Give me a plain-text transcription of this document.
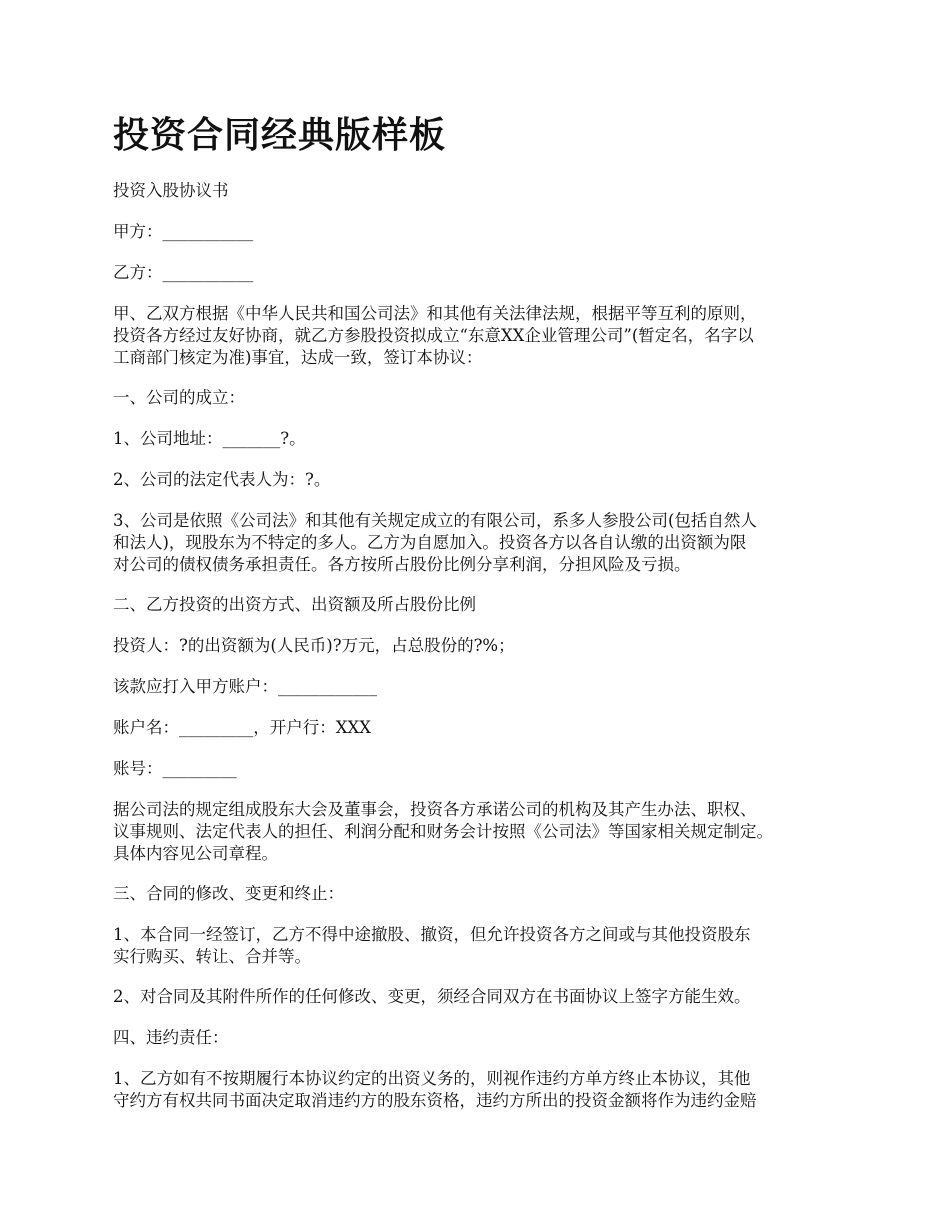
投资合同经典版样板

投资入股协议书

甲方：___________

乙方：___________

甲、乙双方根据《中华人民共和国公司法》和其他有关法律法规，根据平等互利的原则，
投资各方经过友好协商，就乙方参股投资拟成立“东意XX企业管理公司”(暂定名，名字以
工商部门核定为准)事宜，达成一致，签订本协议：

一、公司的成立：

1、公司地址：_______?。

2、公司的法定代表人为：?。

3、公司是依照《公司法》和其他有关规定成立的有限公司，系多人参股公司(包括自然人
和法人)，现股东为不特定的多人。乙方为自愿加入。投资各方以各自认缴的出资额为限
对公司的债权债务承担责任。各方按所占股份比例分享利润，分担风险及亏损。

二、乙方投资的出资方式、出资额及所占股份比例

投资人：?的出资额为(人民币)?万元，占总股份的?%；

该款应打入甲方账户：____________

账户名：_________，开户行：XXX

账号：_________

据公司法的规定组成股东大会及董事会，投资各方承诺公司的机构及其产生办法、职权、
议事规则、法定代表人的担任、利润分配和财务会计按照《公司法》等国家相关规定制定。
具体内容见公司章程。

三、合同的修改、变更和终止：

1、本合同一经签订，乙方不得中途撤股、撤资，但允许投资各方之间或与其他投资股东
实行购买、转让、合并等。

2、对合同及其附件所作的任何修改、变更，须经合同双方在书面协议上签字方能生效。

四、违约责任：

1、乙方如有不按期履行本协议约定的出资义务的，则视作违约方单方终止本协议，其他
守约方有权共同书面决定取消违约方的股东资格，违约方所出的投资金额将作为违约金赔
